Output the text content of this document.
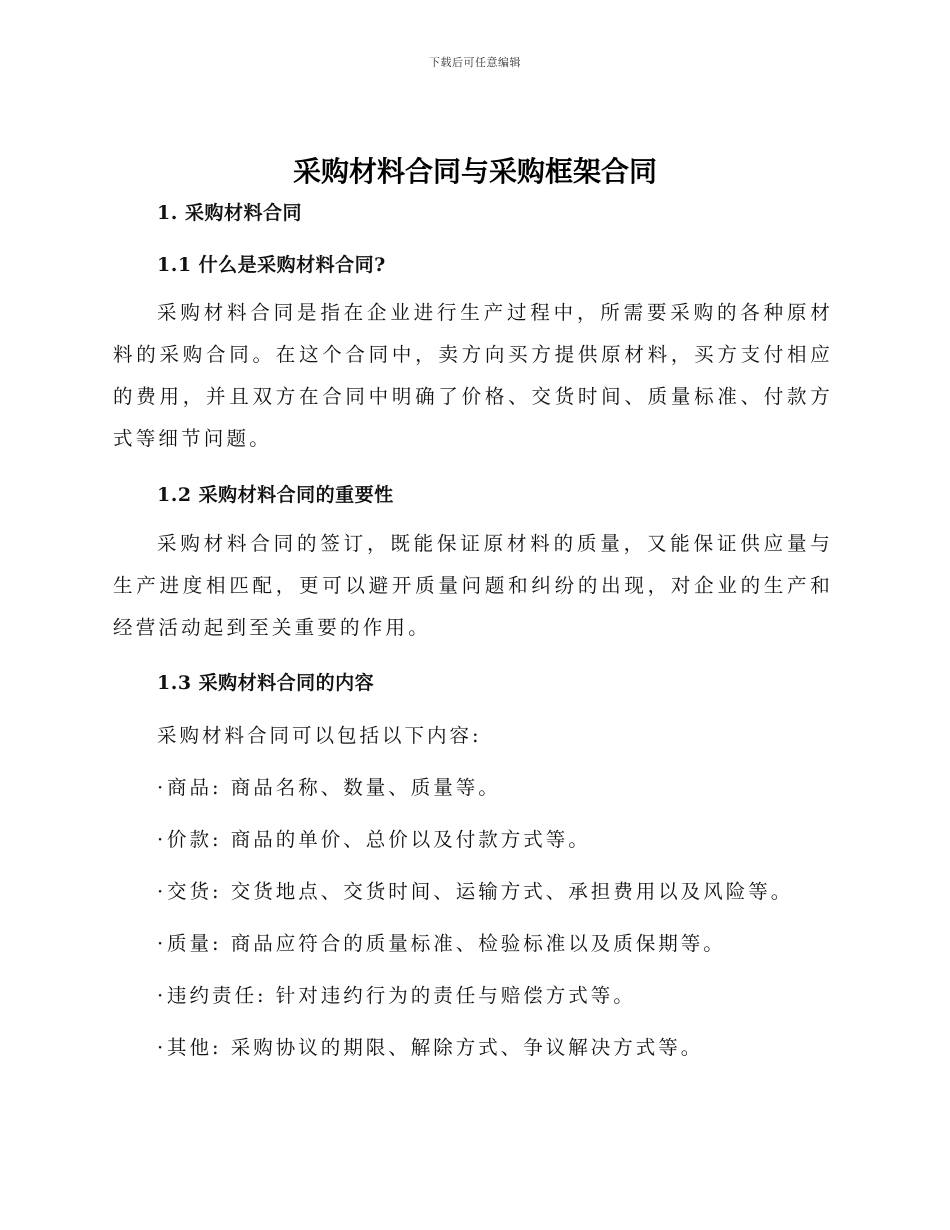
下载后可任意编辑
采购材料合同与采购框架合同
1. 采购材料合同
1.1 什么是采购材料合同?

采购材料合同是指在企业进行生产过程中，所需要采购的各种原材料的采购合同。在这个合同中，卖方向买方提供原材料，买方支付相应的费用，并且双方在合同中明确了价格、交货时间、质量标准、付款方式等细节问题。

1.2 采购材料合同的重要性

采购材料合同的签订，既能保证原材料的质量，又能保证供应量与生产进度相匹配，更可以避开质量问题和纠纷的出现，对企业的生产和经营活动起到至关重要的作用。

1.3 采购材料合同的内容

采购材料合同可以包括以下内容:

· 商品: 商品名称、数量、质量等。

· 价款: 商品的单价、总价以及付款方式等。

· 交货: 交货地点、交货时间、运输方式、承担费用以及风险等。

· 质量: 商品应符合的质量标准、检验标准以及质保期等。

· 违约责任: 针对违约行为的责任与赔偿方式等。

· 其他: 采购协议的期限、解除方式、争议解决方式等。
